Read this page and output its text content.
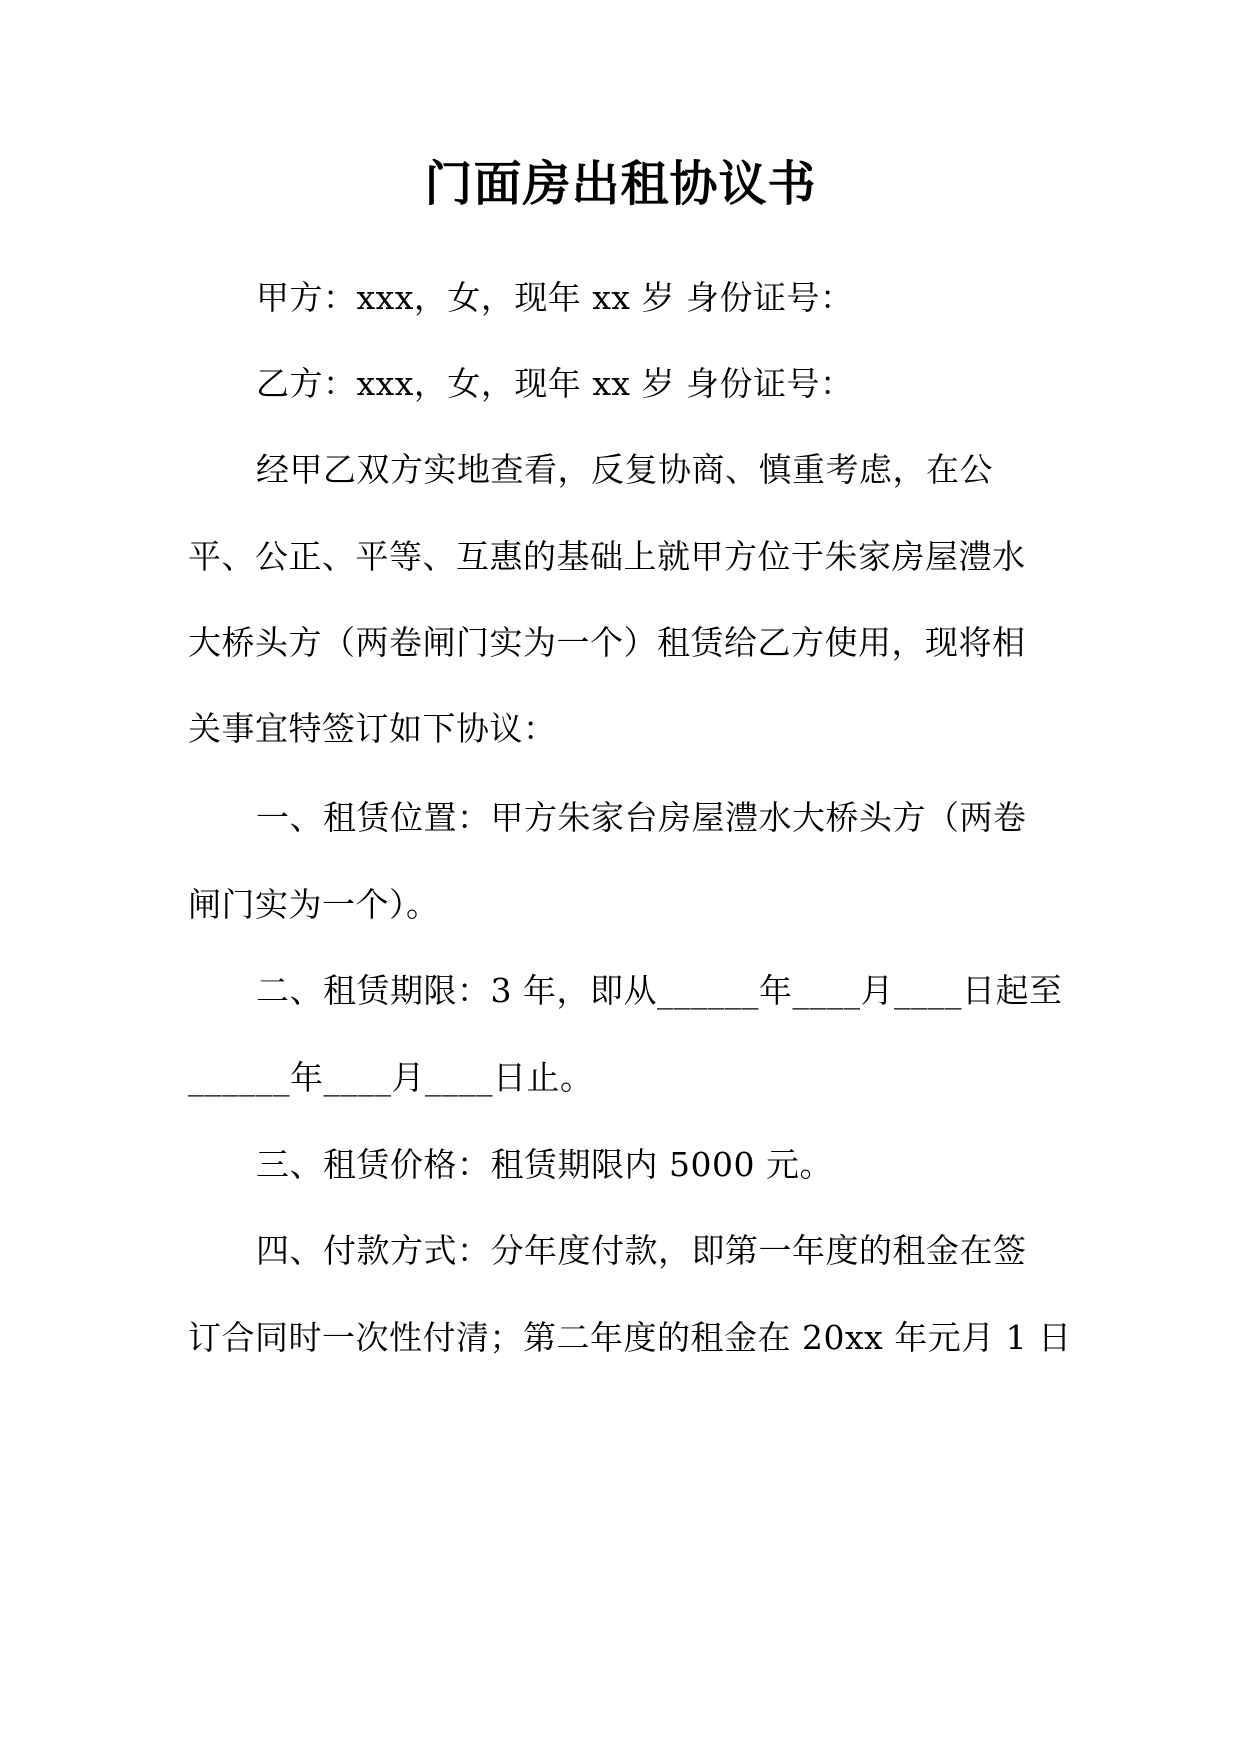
门面房出租协议书
甲方：xxx，女，现年 xx 岁 身份证号：
乙方：xxx，女，现年 xx 岁 身份证号：
经甲乙双方实地查看，反复协商、慎重考虑，在公
平、公正、平等、互惠的基础上就甲方位于朱家房屋澧水
大桥头方（两卷闸门实为一个）租赁给乙方使用，现将相
关事宜特签订如下协议：
一、租赁位置：甲方朱家台房屋澧水大桥头方（两卷
闸门实为一个）。
二、租赁期限：3 年，即从______年____月____日起至
______年____月____日止。
三、租赁价格：租赁期限内 5000 元。
四、付款方式：分年度付款，即第一年度的租金在签
订合同时一次性付清；第二年度的租金在 20xx 年元月 1 日
